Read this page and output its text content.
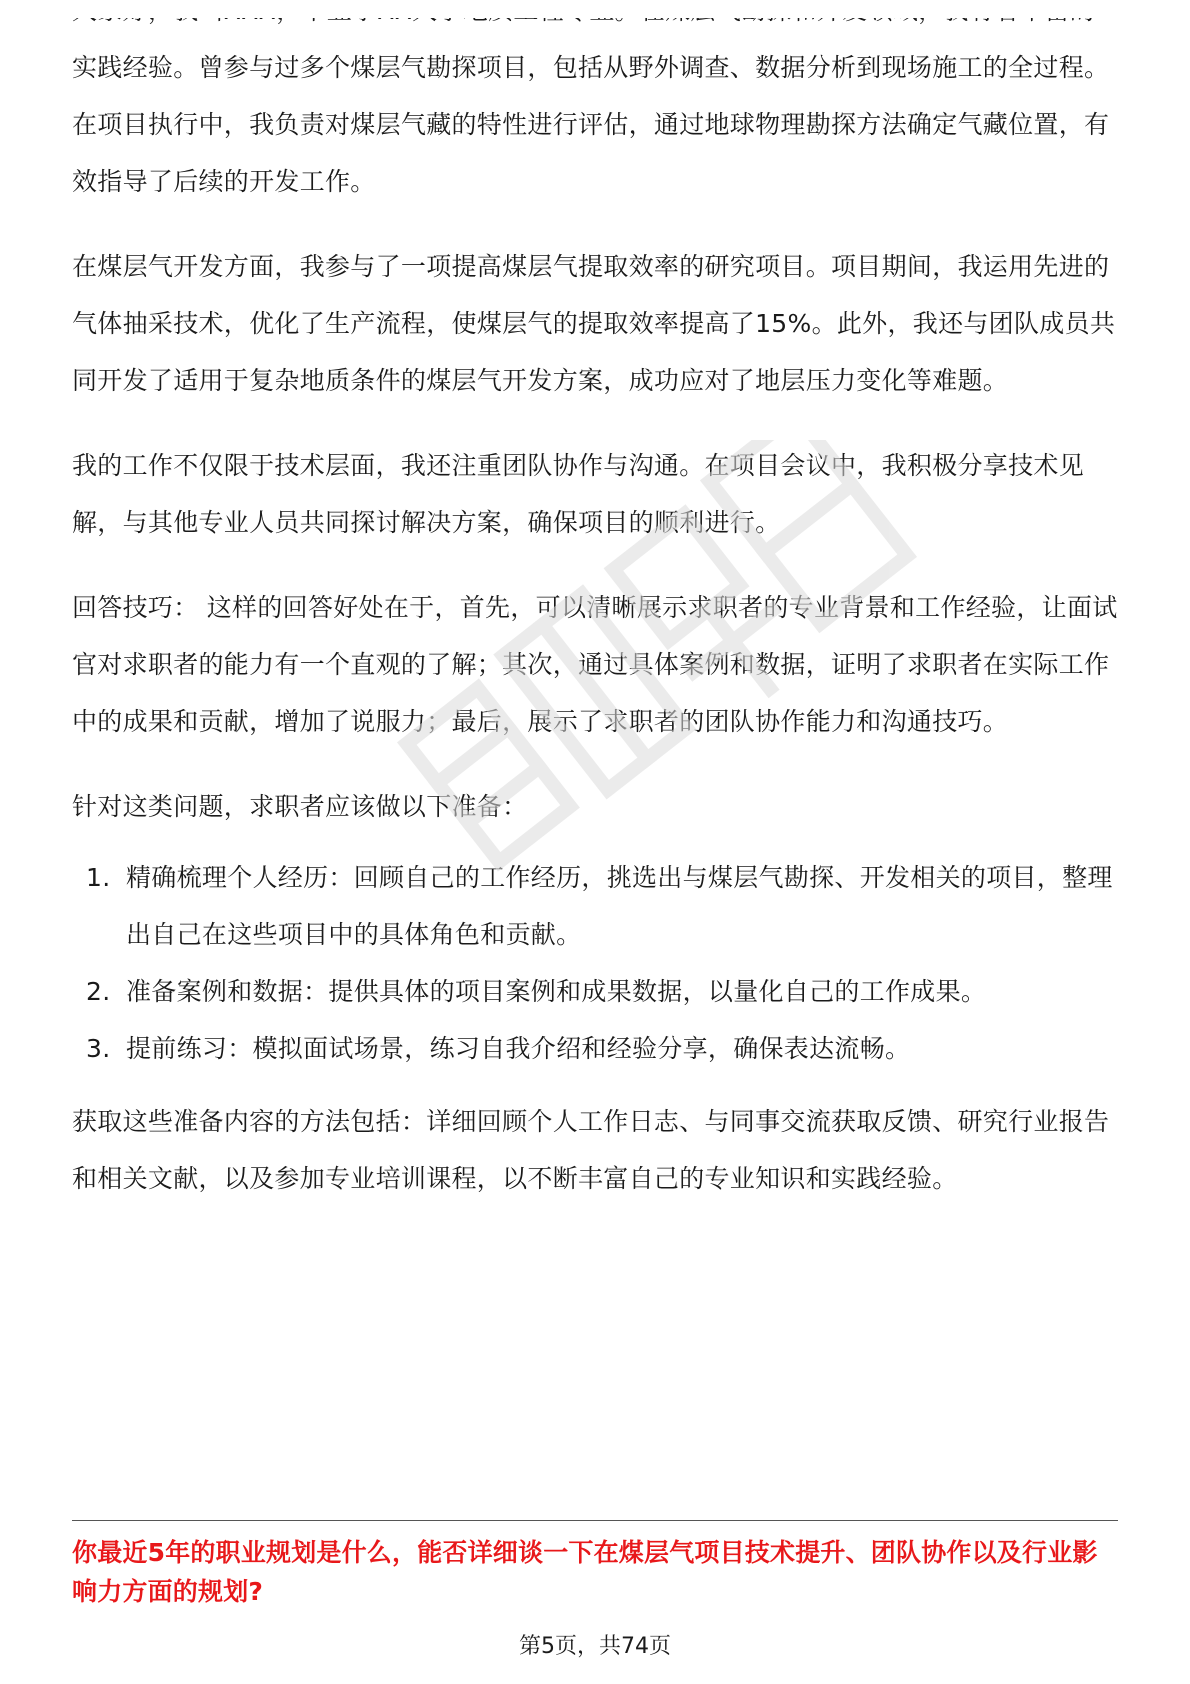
实践经验。曾参与过多个煤层气勘探项目，包括从野外调查、数据分析到现场施工的全过程。在项目执行中，我负责对煤层气藏的特性进行评估，通过地球物理勘探方法确定气藏位置，有效指导了后续的开发工作。

在煤层气开发方面，我参与了一项提高煤层气提取效率的研究项目。项目期间，我运用先进的气体抽采技术，优化了生产流程，使煤层气的提取效率提高了15%。此外，我还与团队成员共同开发了适用于复杂地质条件的煤层气开发方案，成功应对了地层压力变化等难题。

我的工作不仅限于技术层面，我还注重团队协作与沟通。在项目会议中，我积极分享技术见解，与其他专业人员共同探讨解决方案，确保项目的顺利进行。

回答技巧： 这样的回答好处在于，首先，可以清晰展示求职者的专业背景和工作经验，让面试官对求职者的能力有一个直观的了解；其次，通过具体案例和数据，证明了求职者在实际工作中的成果和贡献，增加了说服力；最后，展示了求职者的团队协作能力和沟通技巧。

针对这类问题，求职者应该做以下准备：

1. 精确梳理个人经历：回顾自己的工作经历，挑选出与煤层气勘探、开发相关的项目，整理出自己在这些项目中的具体角色和贡献。
2. 准备案例和数据：提供具体的项目案例和成果数据，以量化自己的工作成果。
3. 提前练习：模拟面试场景，练习自我介绍和经验分享，确保表达流畅。

获取这些准备内容的方法包括：详细回顾个人工作日志、与同事交流获取反馈、研究行业报告和相关文献，以及参加专业培训课程，以不断丰富自己的专业知识和实践经验。

你最近5年的职业规划是什么，能否详细谈一下在煤层气项目技术提升、团队协作以及行业影响力方面的规划?
第5页，共74页
